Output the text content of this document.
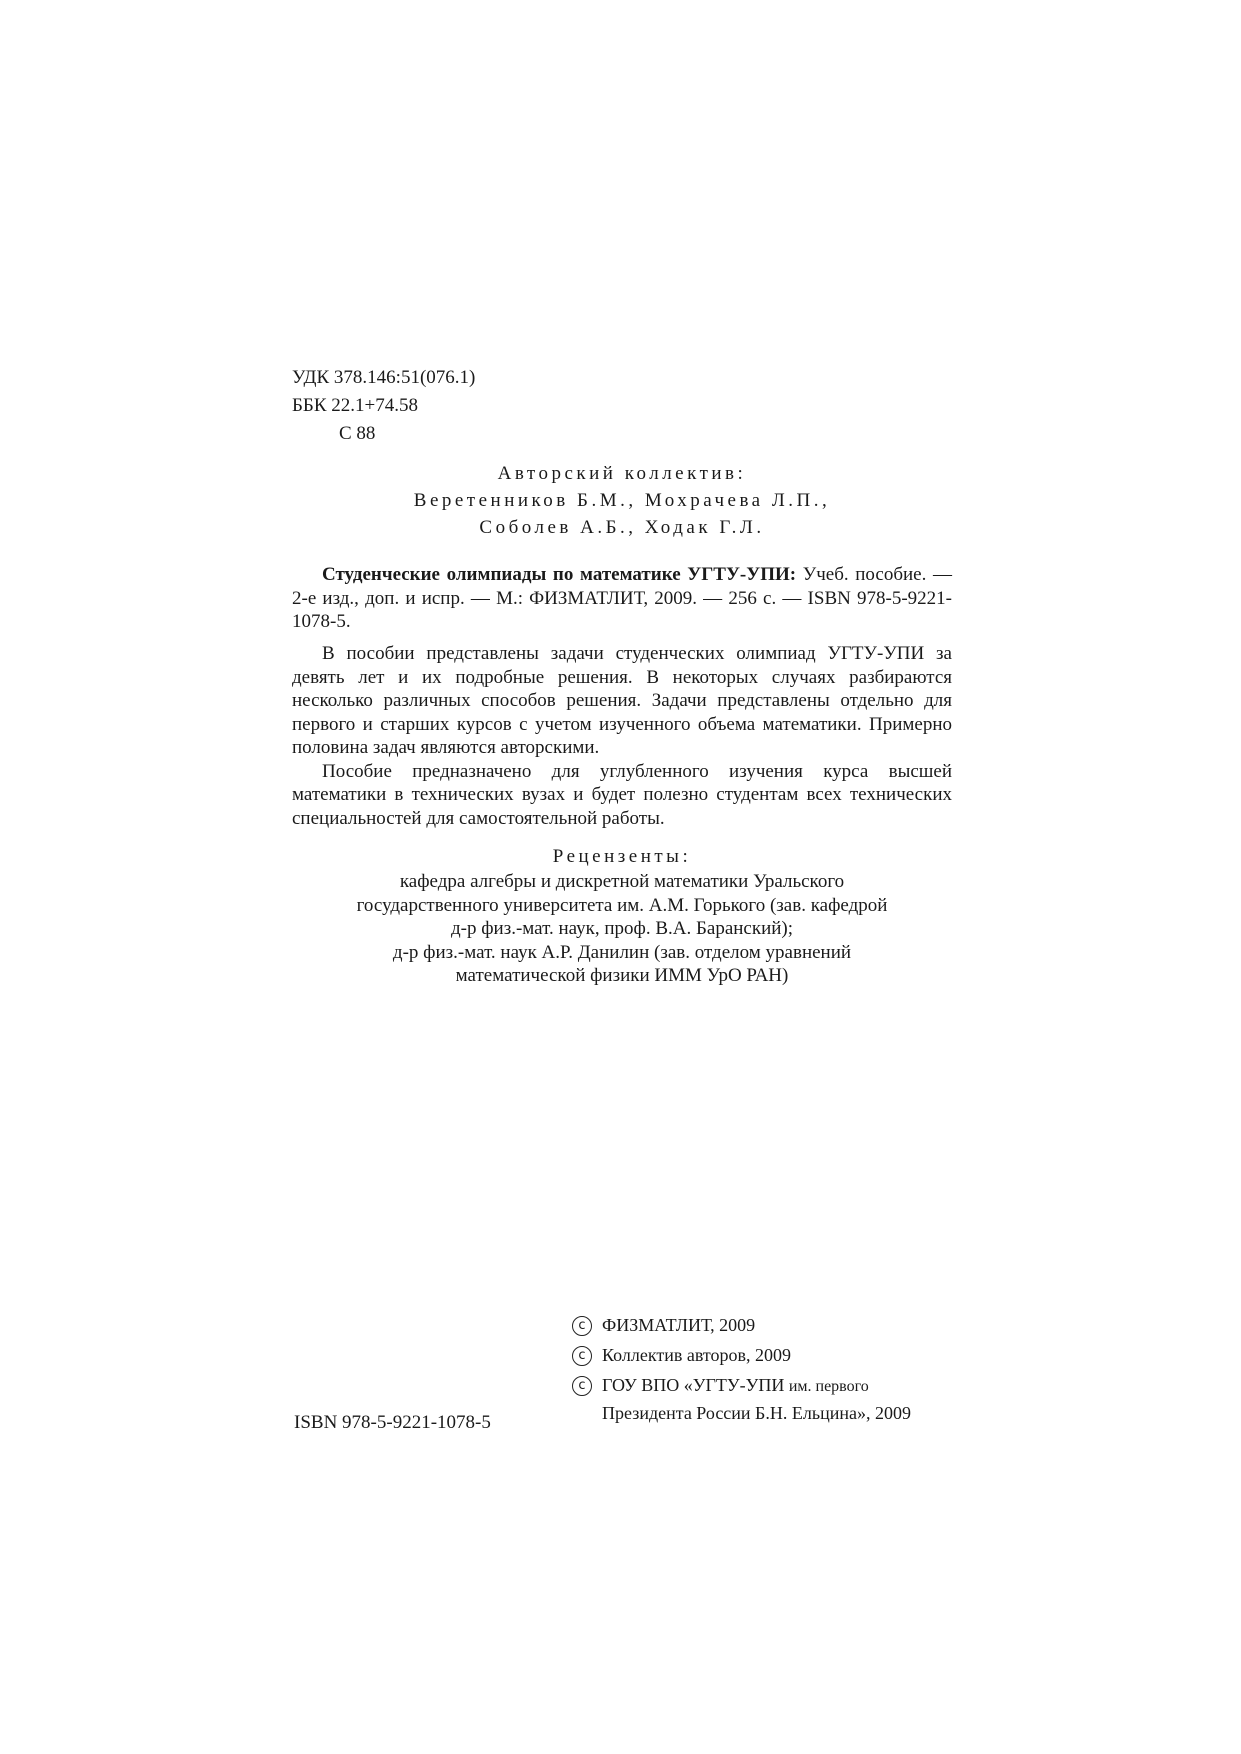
УДК 378.146:51(076.1)
ББК 22.1+74.58
С 88
Авторский коллектив:
Веретенников Б.М., Мохрачева Л.П.,
Соболев А.Б., Ходак Г.Л.
Студенческие олимпиады по математике УГТУ-УПИ: Учеб. пособие. — 2-е изд., доп. и испр. — М.: ФИЗМАТЛИТ, 2009. — 256 с. — ISBN 978-5-9221-1078-5.
В пособии представлены задачи студенческих олимпиад УГТУ-УПИ за девять лет и их подробные решения. В некоторых случаях разбираются несколько различных способов решения. Задачи представлены отдельно для первого и старших курсов с учетом изученного объема математики. Примерно половина задач являются авторскими.
Пособие предназначено для углубленного изучения курса высшей математики в технических вузах и будет полезно студентам всех технических специальностей для самостоятельной работы.
Рецензенты:
кафедра алгебры и дискретной математики Уральского
государственного университета им. А.М. Горького (зав. кафедрой
д-р физ.-мат. наук, проф. В.А. Баранский);
д-р физ.-мат. наук А.Р. Данилин (зав. отделом уравнений
математической физики ИММ УрО РАН)
c ФИЗМАТЛИТ, 2009
c Коллектив авторов, 2009
c ГОУ ВПО «УГТУ-УПИ им. первого
Президента России Б.Н. Ельцина», 2009
ISBN 978-5-9221-1078-5
